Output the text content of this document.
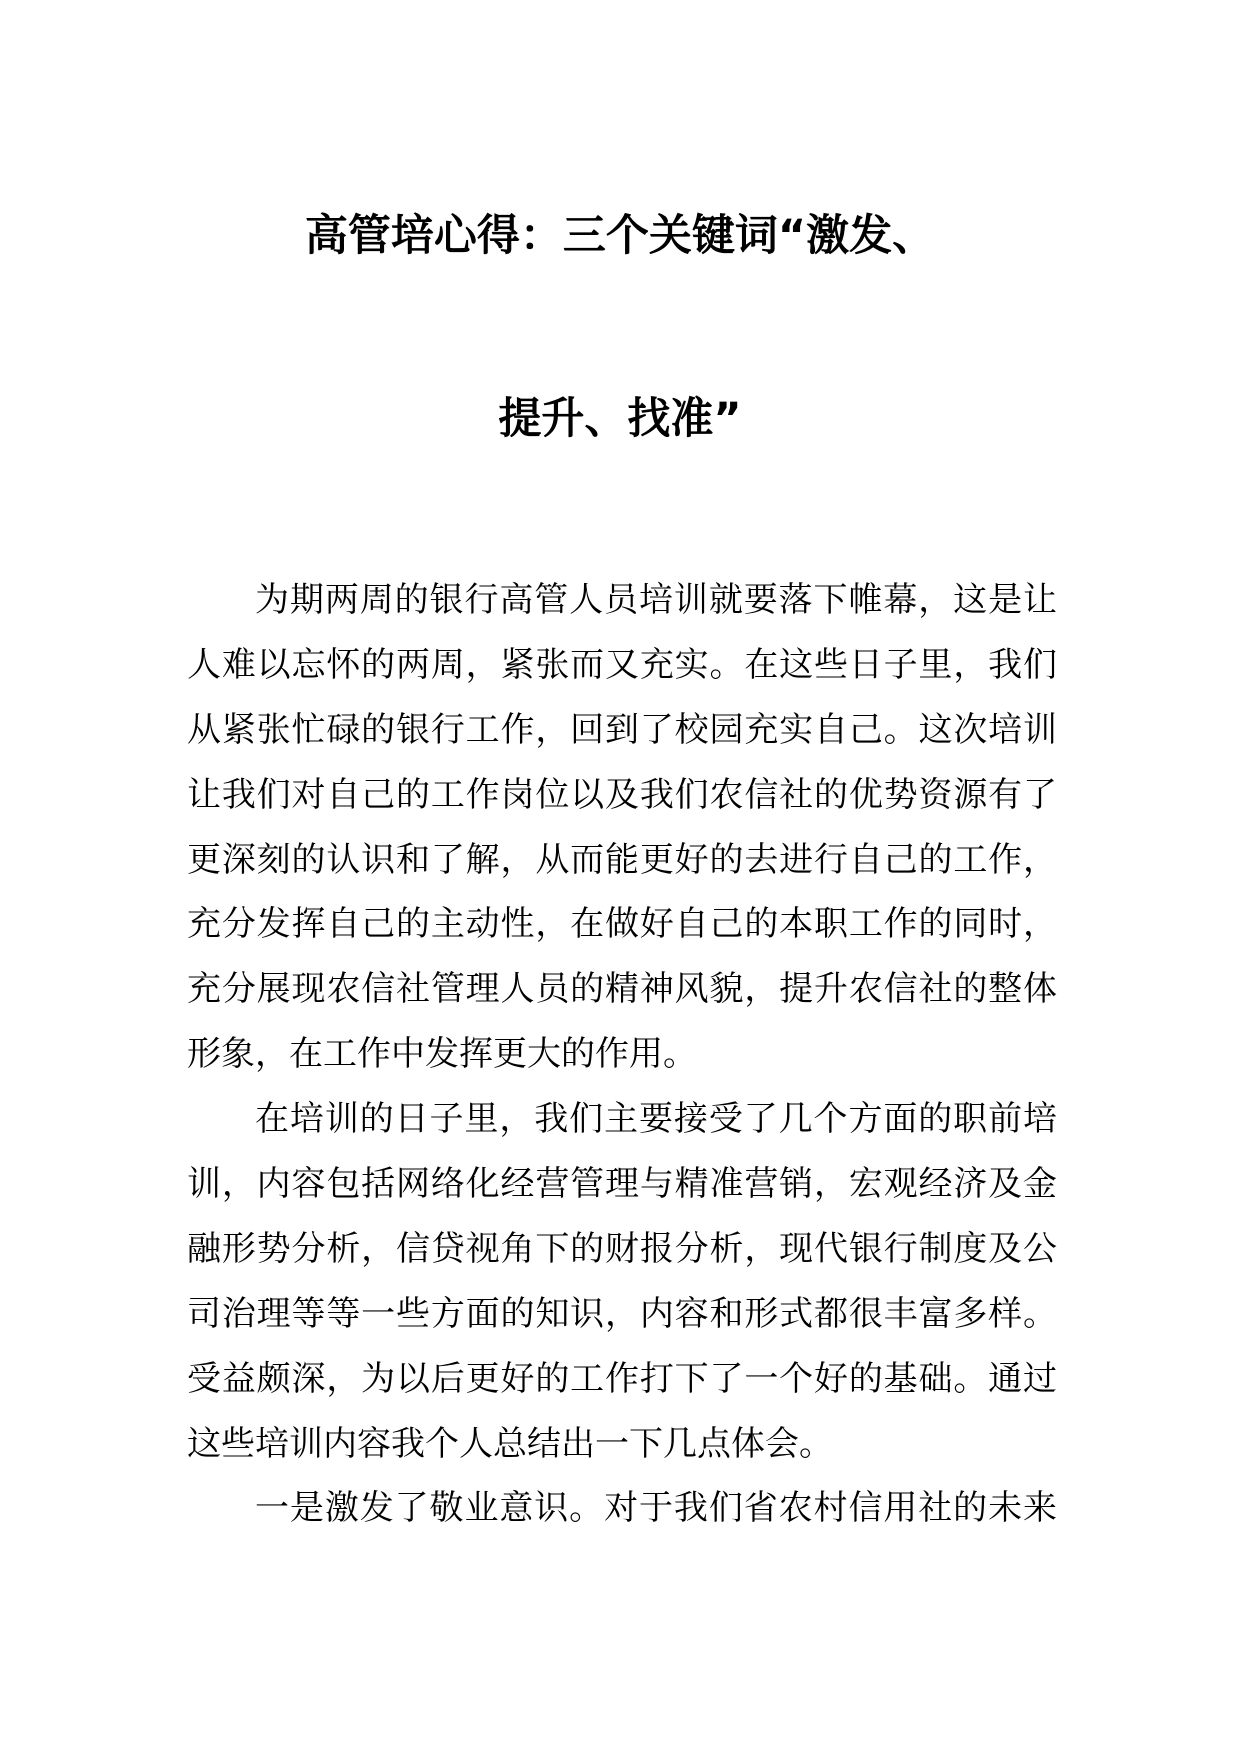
高管培心得：三个关键词“激发、
提升、找准”
为期两周的银行高管人员培训就要落下帷幕，这是让
人难以忘怀的两周，紧张而又充实。在这些日子里，我们
从紧张忙碌的银行工作，回到了校园充实自己。这次培训
让我们对自己的工作岗位以及我们农信社的优势资源有了
更深刻的认识和了解，从而能更好的去进行自己的工作，
充分发挥自己的主动性，在做好自己的本职工作的同时，
充分展现农信社管理人员的精神风貌，提升农信社的整体
形象，在工作中发挥更大的作用。
在培训的日子里，我们主要接受了几个方面的职前培
训，内容包括网络化经营管理与精准营销，宏观经济及金
融形势分析，信贷视角下的财报分析，现代银行制度及公
司治理等等一些方面的知识，内容和形式都很丰富多样。
受益颇深，为以后更好的工作打下了一个好的基础。通过
这些培训内容我个人总结出一下几点体会。
一是激发了敬业意识。对于我们省农村信用社的未来
